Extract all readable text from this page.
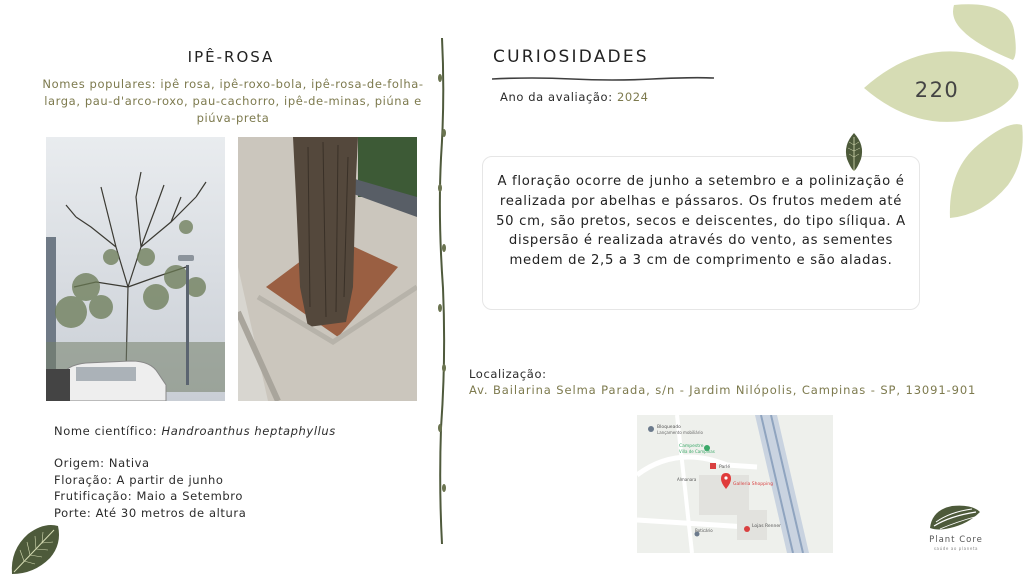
IPÊ-ROSA
Nomes populares: ipê rosa, ipê-roxo-bola, ipê-rosa-de-folha-larga, pau-d'arco-roxo, pau-cachorro, ipê-de-minas, piúna e piúva-preta
Nome científico: Handroanthus heptaphyllus
Origem: Nativa
Floração: A partir de junho
Frutificação: Maio a Setembro
Porte: Até 30 metros de altura
CURIOSIDADES
Ano da avaliação: 2024
A floração ocorre de junho a setembro e a polinização é realizada por abelhas e pássaros. Os frutos medem até 50 cm, são pretos, secos e deiscentes, do tipo síliqua. A dispersão é realizada através do vento, as sementes medem de 2,5 a 3 cm de comprimento e são aladas.
Localização:
Av. Bailarina Selma Parada, s/n - Jardim Nilópolis, Campinas - SP, 13091-901
Bloqueado
Lançamento mobiliário
Campestre
Villa de Campinas
Parlé
Galleria Shopping
Almanara
Boticário
Lojas Renner
220
Plant Core
saúde ao planeta
